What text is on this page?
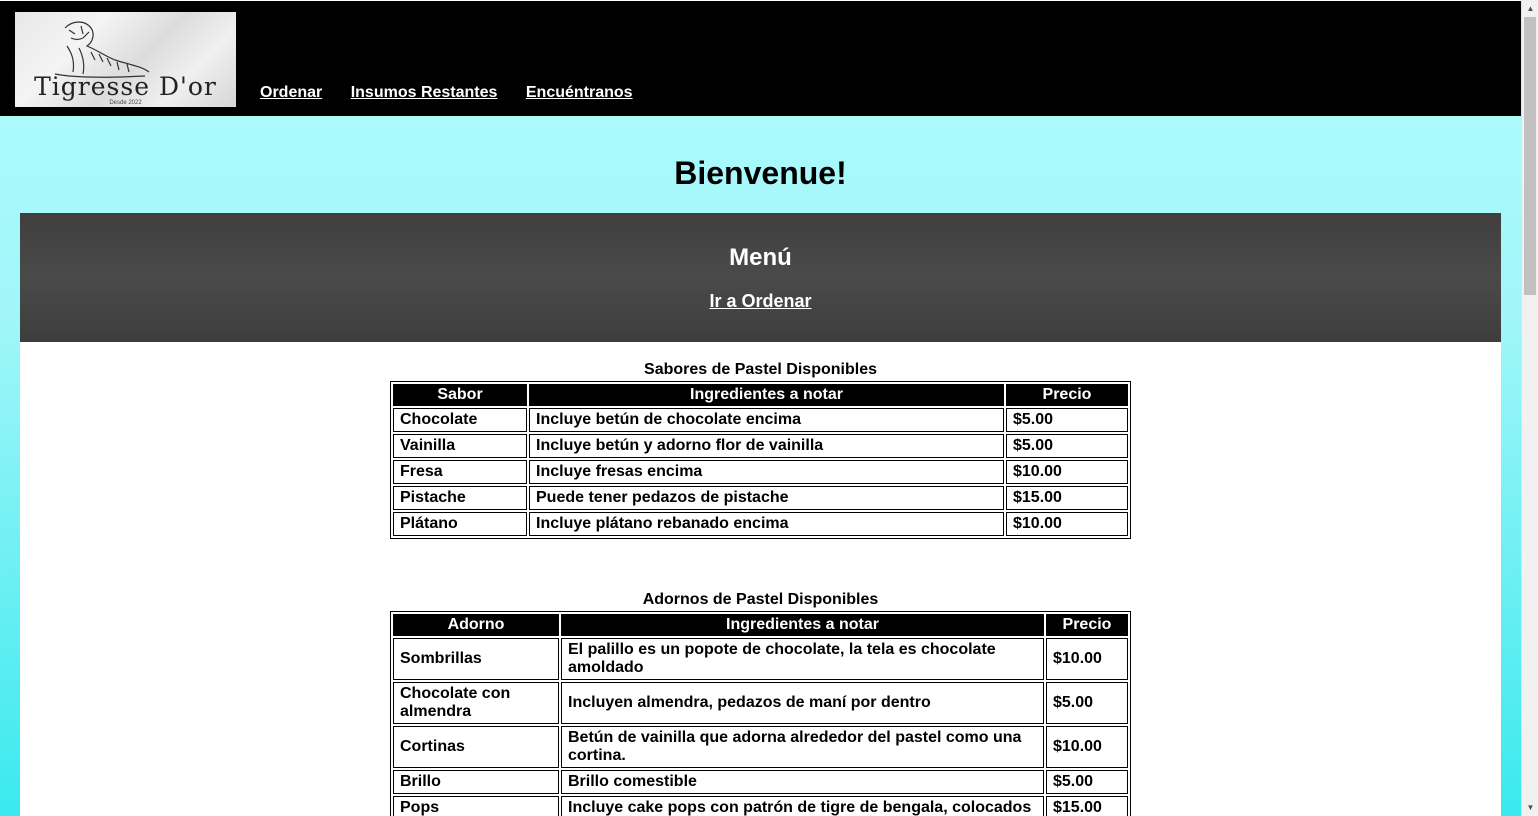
Tigresse D'or
Desde 2022
Ordenar Insumos Restantes Encuéntranos
Bienvenue!
Menú
Ir a Ordenar
Sabores de Pastel Disponibles
Sabor	Ingredientes a notar	Precio
Chocolate	Incluye betún de chocolate encima	$5.00
Vainilla	Incluye betún y adorno flor de vainilla	$5.00
Fresa	Incluye fresas encima	$10.00
Pistache	Puede tener pedazos de pistache	$15.00
Plátano	Incluye plátano rebanado encima	$10.00
Adornos de Pastel Disponibles
Adorno	Ingredientes a notar	Precio
Sombrillas	El palillo es un popote de chocolate, la tela es chocolate amoldado	$10.00
Chocolate con almendra	Incluyen almendra, pedazos de maní por dentro	$5.00
Cortinas	Betún de vainilla que adorna alrededor del pastel como una cortina.	$10.00
Brillo	Brillo comestible	$5.00
Pops	Incluye cake pops con patrón de tigre de bengala, colocados	$15.00
▲
▼
